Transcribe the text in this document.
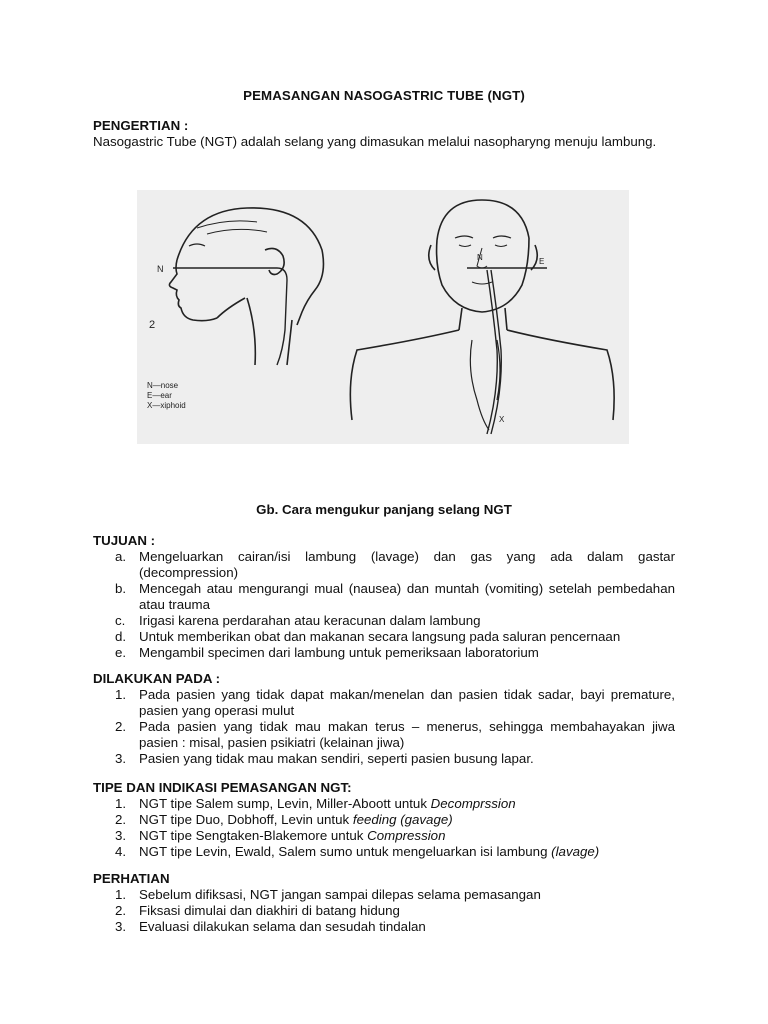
PEMASANGAN NASOGASTRIC TUBE (NGT)
PENGERTIAN :
Nasogastric Tube (NGT) adalah selang yang dimasukan melalui nasopharyng menuju lambung.
N
2
N	E
X
N—nose
E—ear
X—xiphoid
Gb. Cara mengukur panjang selang NGT
TUJUAN :
a. Mengeluarkan cairan/isi lambung (lavage) dan gas yang ada dalam gastar (decompression)
b. Mencegah atau mengurangi mual (nausea) dan muntah (vomiting) setelah pembedahan atau trauma
c.	Irigasi karena perdarahan atau keracunan dalam lambung
d. Untuk memberikan obat dan makanan secara langsung pada saluran pencernaan
e. Mengambil specimen dari lambung untuk pemeriksaan laboratorium
DILAKUKAN PADA :
1. Pada pasien yang tidak dapat makan/menelan dan pasien tidak sadar, bayi premature, pasien yang operasi mulut
2. Pada pasien yang tidak mau makan terus – menerus, sehingga membahayakan jiwa pasien : misal, pasien psikiatri (kelainan jiwa)
3. Pasien yang tidak mau makan sendiri, seperti pasien busung lapar.
TIPE DAN INDIKASI PEMASANGAN NGT:
1. NGT tipe Salem sump, Levin, Miller-Aboott untuk Decomprssion
2. NGT tipe Duo, Dobhoff, Levin untuk feeding (gavage)
3. NGT tipe Sengtaken-Blakemore untuk Compression
4. NGT tipe Levin, Ewald, Salem sumo untuk mengeluarkan isi lambung (lavage)
PERHATIAN
1. Sebelum difiksasi, NGT jangan sampai dilepas selama pemasangan
2. Fiksasi dimulai dan diakhiri di batang hidung
3. Evaluasi dilakukan selama dan sesudah tindalan
